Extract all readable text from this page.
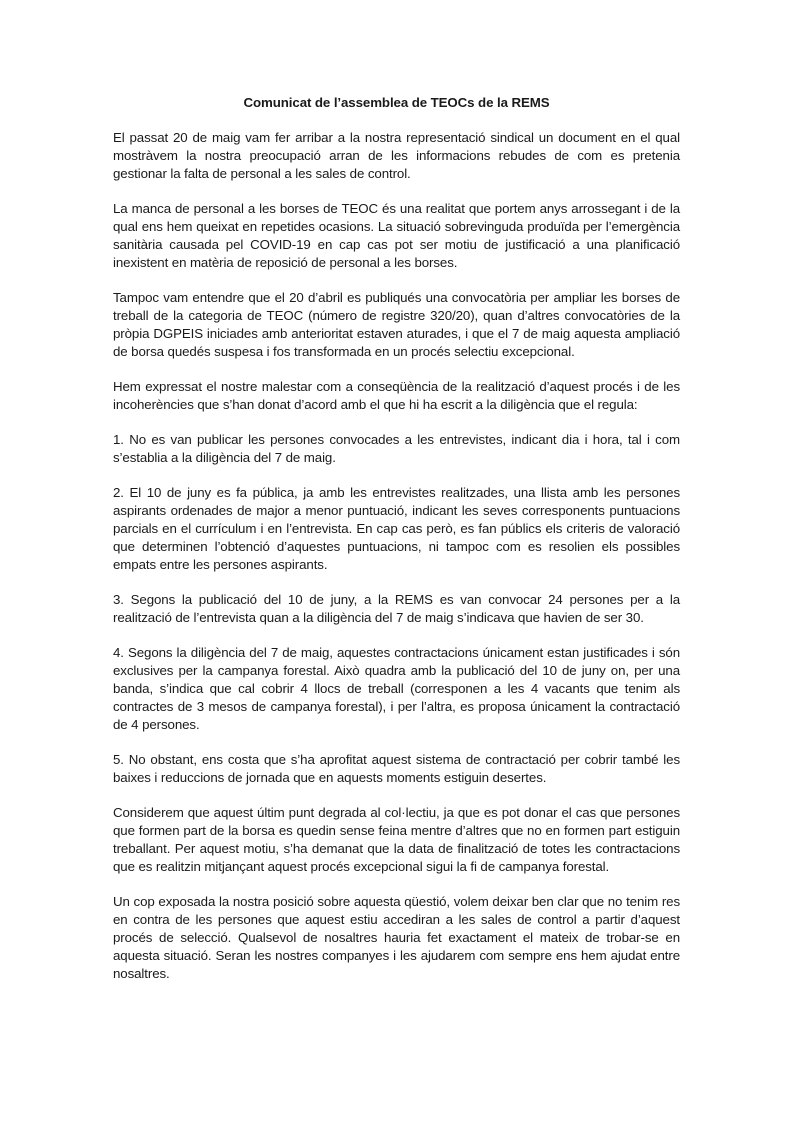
Comunicat de l’assemblea de TEOCs de la REMS

El passat 20 de maig vam fer arribar a la nostra representació sindical un document en el qual mostràvem la nostra preocupació arran de les informacions rebudes de com es pretenia gestionar la falta de personal a les sales de control.

La manca de personal a les borses de TEOC és una realitat que portem anys arrossegant i de la qual ens hem queixat en repetides ocasions. La situació sobrevinguda produïda per l’emergència sanitària causada pel COVID-19 en cap cas pot ser motiu de justificació a una planificació inexistent en matèria de reposició de personal a les borses.

Tampoc vam entendre que el 20 d’abril es publiqués una convocatòria per ampliar les borses de treball de la categoria de TEOC (número de registre 320/20), quan d’altres convocatòries de la pròpia DGPEIS iniciades amb anterioritat estaven aturades, i que el 7 de maig aquesta ampliació de borsa quedés suspesa i fos transformada en un procés selectiu excepcional.

Hem expressat el nostre malestar com a conseqüència de la realització d’aquest procés i de les incoherències que s’han donat d’acord amb el que hi ha escrit a la diligència que el regula:

1. No es van publicar les persones convocades a les entrevistes, indicant dia i hora, tal i com s’establia a la diligència del 7 de maig.

2. El 10 de juny es fa pública, ja amb les entrevistes realitzades, una llista amb les persones aspirants ordenades de major a menor puntuació, indicant les seves corresponents puntuacions parcials en el currículum i en l’entrevista. En cap cas però, es fan públics els criteris de valoració que determinen l’obtenció d’aquestes puntuacions, ni tampoc com es resolien els possibles empats entre les persones aspirants.

3. Segons la publicació del 10 de juny, a la REMS es van convocar 24 persones per a la realització de l’entrevista quan a la diligència del 7 de maig s’indicava que havien de ser 30.

4. Segons la diligència del 7 de maig, aquestes contractacions únicament estan justificades i són exclusives per la campanya forestal. Això quadra amb la publicació del 10 de juny on, per una banda, s’indica que cal cobrir 4 llocs de treball (corresponen a les 4 vacants que tenim als contractes de 3 mesos de campanya forestal), i per l’altra, es proposa únicament la contractació de 4 persones.

5. No obstant, ens costa que s’ha aprofitat aquest sistema de contractació per cobrir també les baixes i reduccions de jornada que en aquests moments estiguin desertes.

Considerem que aquest últim punt degrada al col·lectiu, ja que es pot donar el cas que persones que formen part de la borsa es quedin sense feina mentre d’altres que no en formen part estiguin treballant. Per aquest motiu, s’ha demanat que la data de finalització de totes les contractacions que es realitzin mitjançant aquest procés excepcional sigui la fi de campanya forestal.

Un cop exposada la nostra posició sobre aquesta qüestió, volem deixar ben clar que no tenim res en contra de les persones que aquest estiu accediran a les sales de control a partir d’aquest procés de selecció. Qualsevol de nosaltres hauria fet exactament el mateix de trobar-se en aquesta situació. Seran les nostres companyes i les ajudarem com sempre ens hem ajudat entre nosaltres.
